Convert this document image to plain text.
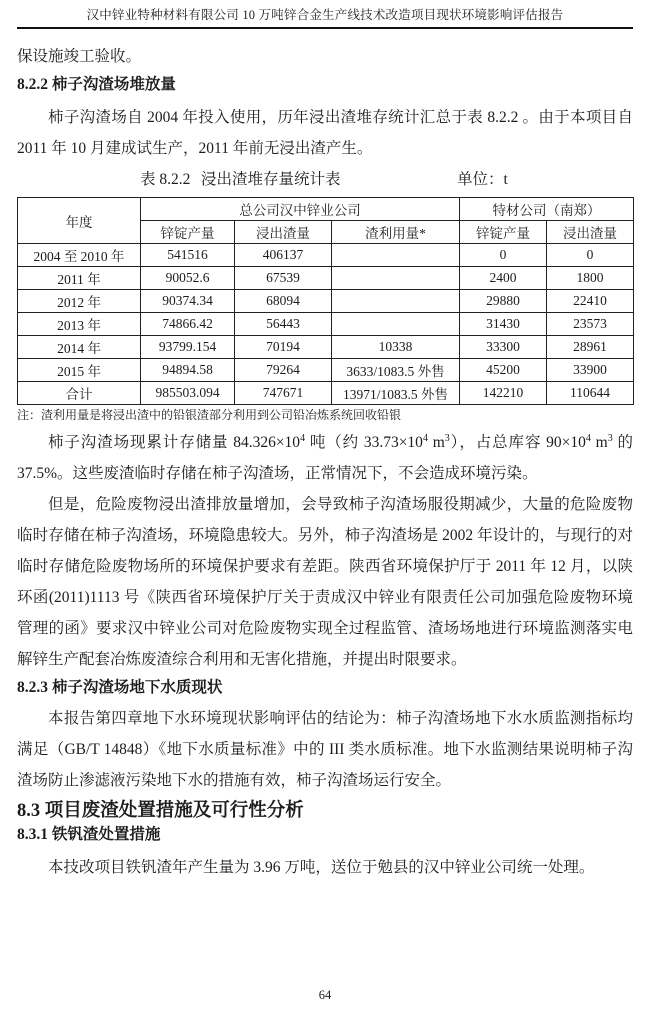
汉中锌业特种材料有限公司 10 万吨锌合金生产线技术改造项目现状环境影响评估报告

保设施竣工验收。

8.2.2 柿子沟渣场堆放量

柿子沟渣场自 2004 年投入使用，历年浸出渣堆存统计汇总于表 8.2.2 。由于本项目自 2011 年 10 月建成试生产，2011 年前无浸出渣产生。

表 8.2.2 浸出渣堆存量统计表	单位：t
年度	总公司汉中锌业公司			特材公司（南郑）	
	锌锭产量	浸出渣量	渣利用量*	锌锭产量	浸出渣量
2004 至 2010 年	541516	406137		0	0
2011 年	90052.6	67539		2400	1800
2012 年	90374.34	68094		29880	22410
2013 年	74866.42	56443		31430	23573
2014 年	93799.154	70194	10338	33300	28961
2015 年	94894.58	79264	3633/1083.5 外售	45200	33900
合计	985503.094	747671	13971/1083.5 外售	142210	110644

注：渣利用量是将浸出渣中的铅银渣部分利用到公司铅冶炼系统回收铅银

柿子沟渣场现累计存储量 $84.326\times 10^4$ 吨（约 $33.73\times 10^4$ $m^3$），占总库容 $90\times 10^4$ $m^3$ 的 37.5%。这些废渣临时存储在柿子沟渣场，正常情况下，不会造成环境污染。

但是，危险废物浸出渣排放量增加，会导致柿子沟渣场服役期减少，大量的危险废物临时存储在柿子沟渣场，环境隐患较大。另外，柿子沟渣场是 2002 年设计的，与现行的对临时存储危险废物场所的环境保护要求有差距。陕西省环境保护厅于 2011 年 12 月，以陕环函(2011)1113 号《陕西省环境保护厅关于责成汉中锌业有限责任公司加强危险废物环境管理的函》要求汉中锌业公司对危险废物实现全过程监管、渣场场地进行环境监测落实电解锌生产配套冶炼废渣综合利用和无害化措施，并提出时限要求。

8.2.3 柿子沟渣场地下水质现状

本报告第四章地下水环境现状影响评估的结论为：柿子沟渣场地下水水质监测指标均满足（GB/T 14848）《地下水质量标准》中的 III 类水质标准。地下水监测结果说明柿子沟渣场防止渗滤液污染地下水的措施有效，柿子沟渣场运行安全。

8.3 项目废渣处置措施及可行性分析
8.3.1 铁钒渣处置措施

本技改项目铁钒渣年产生量为 3.96 万吨，送位于勉县的汉中锌业公司统一处理。

64
